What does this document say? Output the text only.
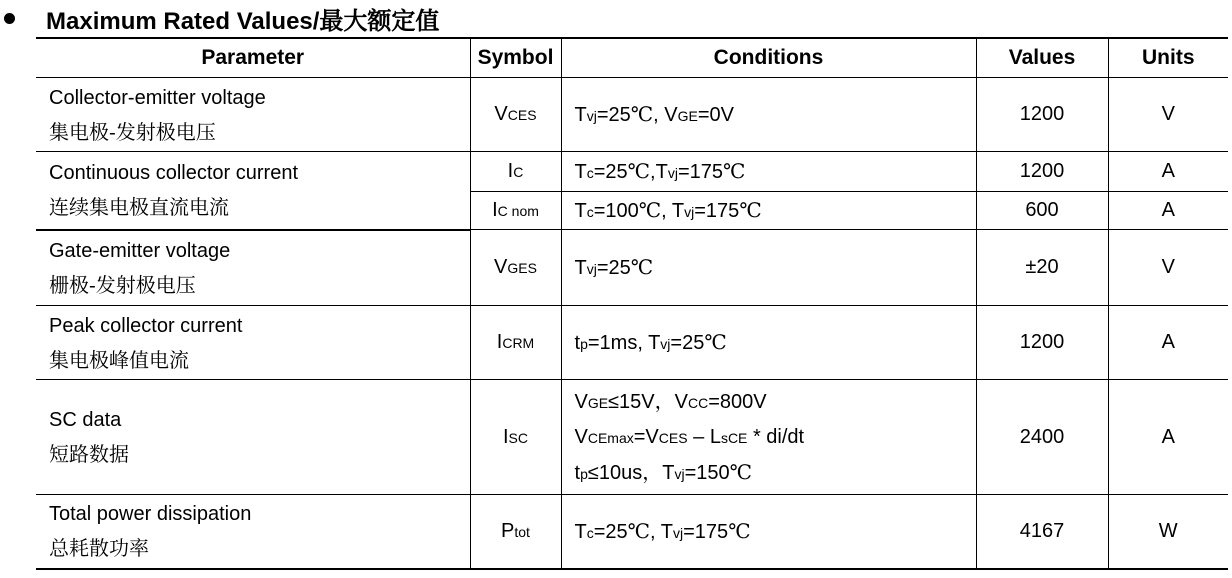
Maximum Rated Values/最大额定值
Parameter	Symbol	Conditions	Values	Units

Collector-emitter voltage
集电极-发射极电压	VCES	Tvj=25℃, VGE=0V	1200	V

Continuous collector current
连续集电极直流电流	IC	Tc=25℃,Tvj=175℃	1200	A
	IC nom	Tc=100℃, Tvj=175℃	600	A

Gate-emitter voltage
栅极-发射极电压	VGES	Tvj=25℃	±20	V

Peak collector current
集电极峰值电流	ICRM	tp=1ms, Tvj=25℃	1200	A

SC data
短路数据	ISC	VGE≤15V，VCC=800V
VCEmax=VCES – LsCE * di/dt
tp≤10us，Tvj=150℃	2400	A

Total power dissipation
总耗散功率	Ptot	Tc=25℃, Tvj=175℃	4167	W
